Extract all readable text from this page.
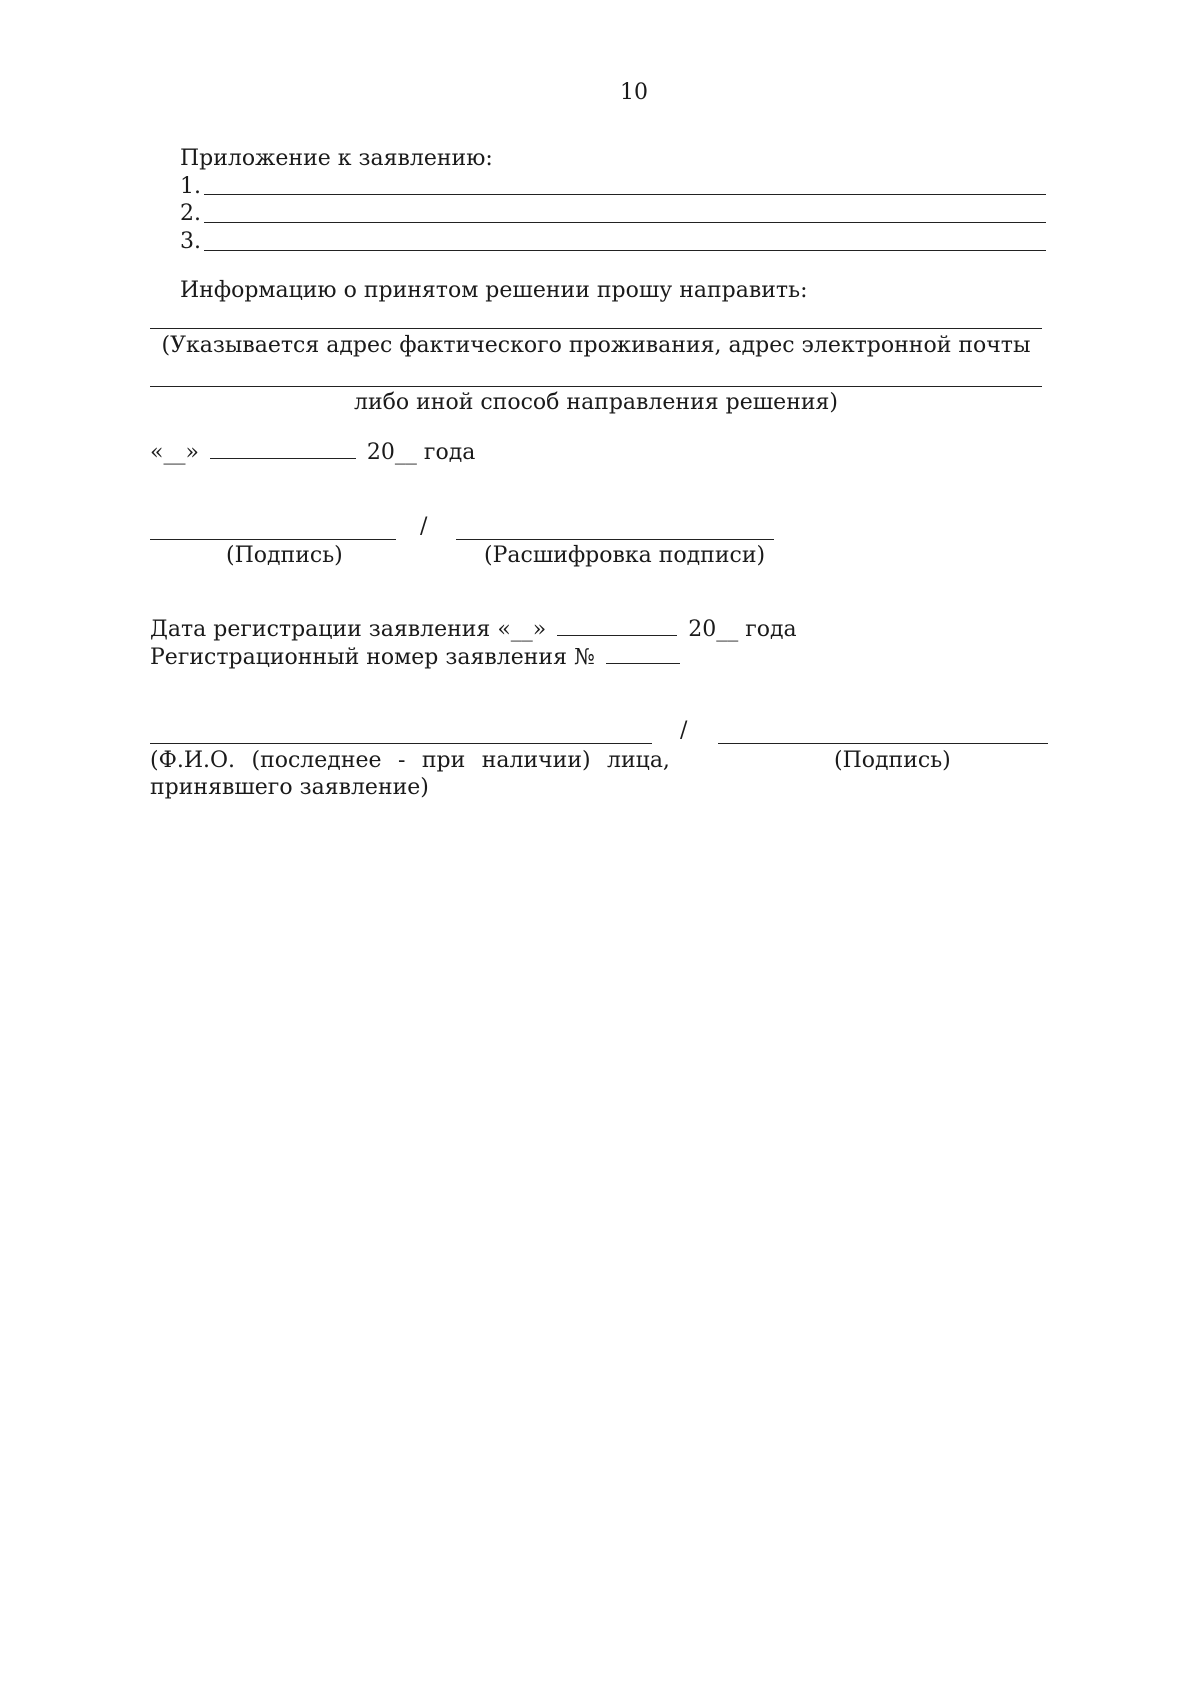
10
Приложение к заявлению:
1.
2.
3.
Информацию о принятом решении прошу направить:
(Указывается адрес фактического проживания, адрес электронной почты
либо иной способ направления решения)
«__»	20__ года
/
(Подпись)	(Расшифровка подписи)
Дата регистрации заявления «__»	20__ года
Регистрационный номер заявления №
/
(Ф.И.О. (последнее - при наличии) лица,
принявшего заявление)
(Подпись)
